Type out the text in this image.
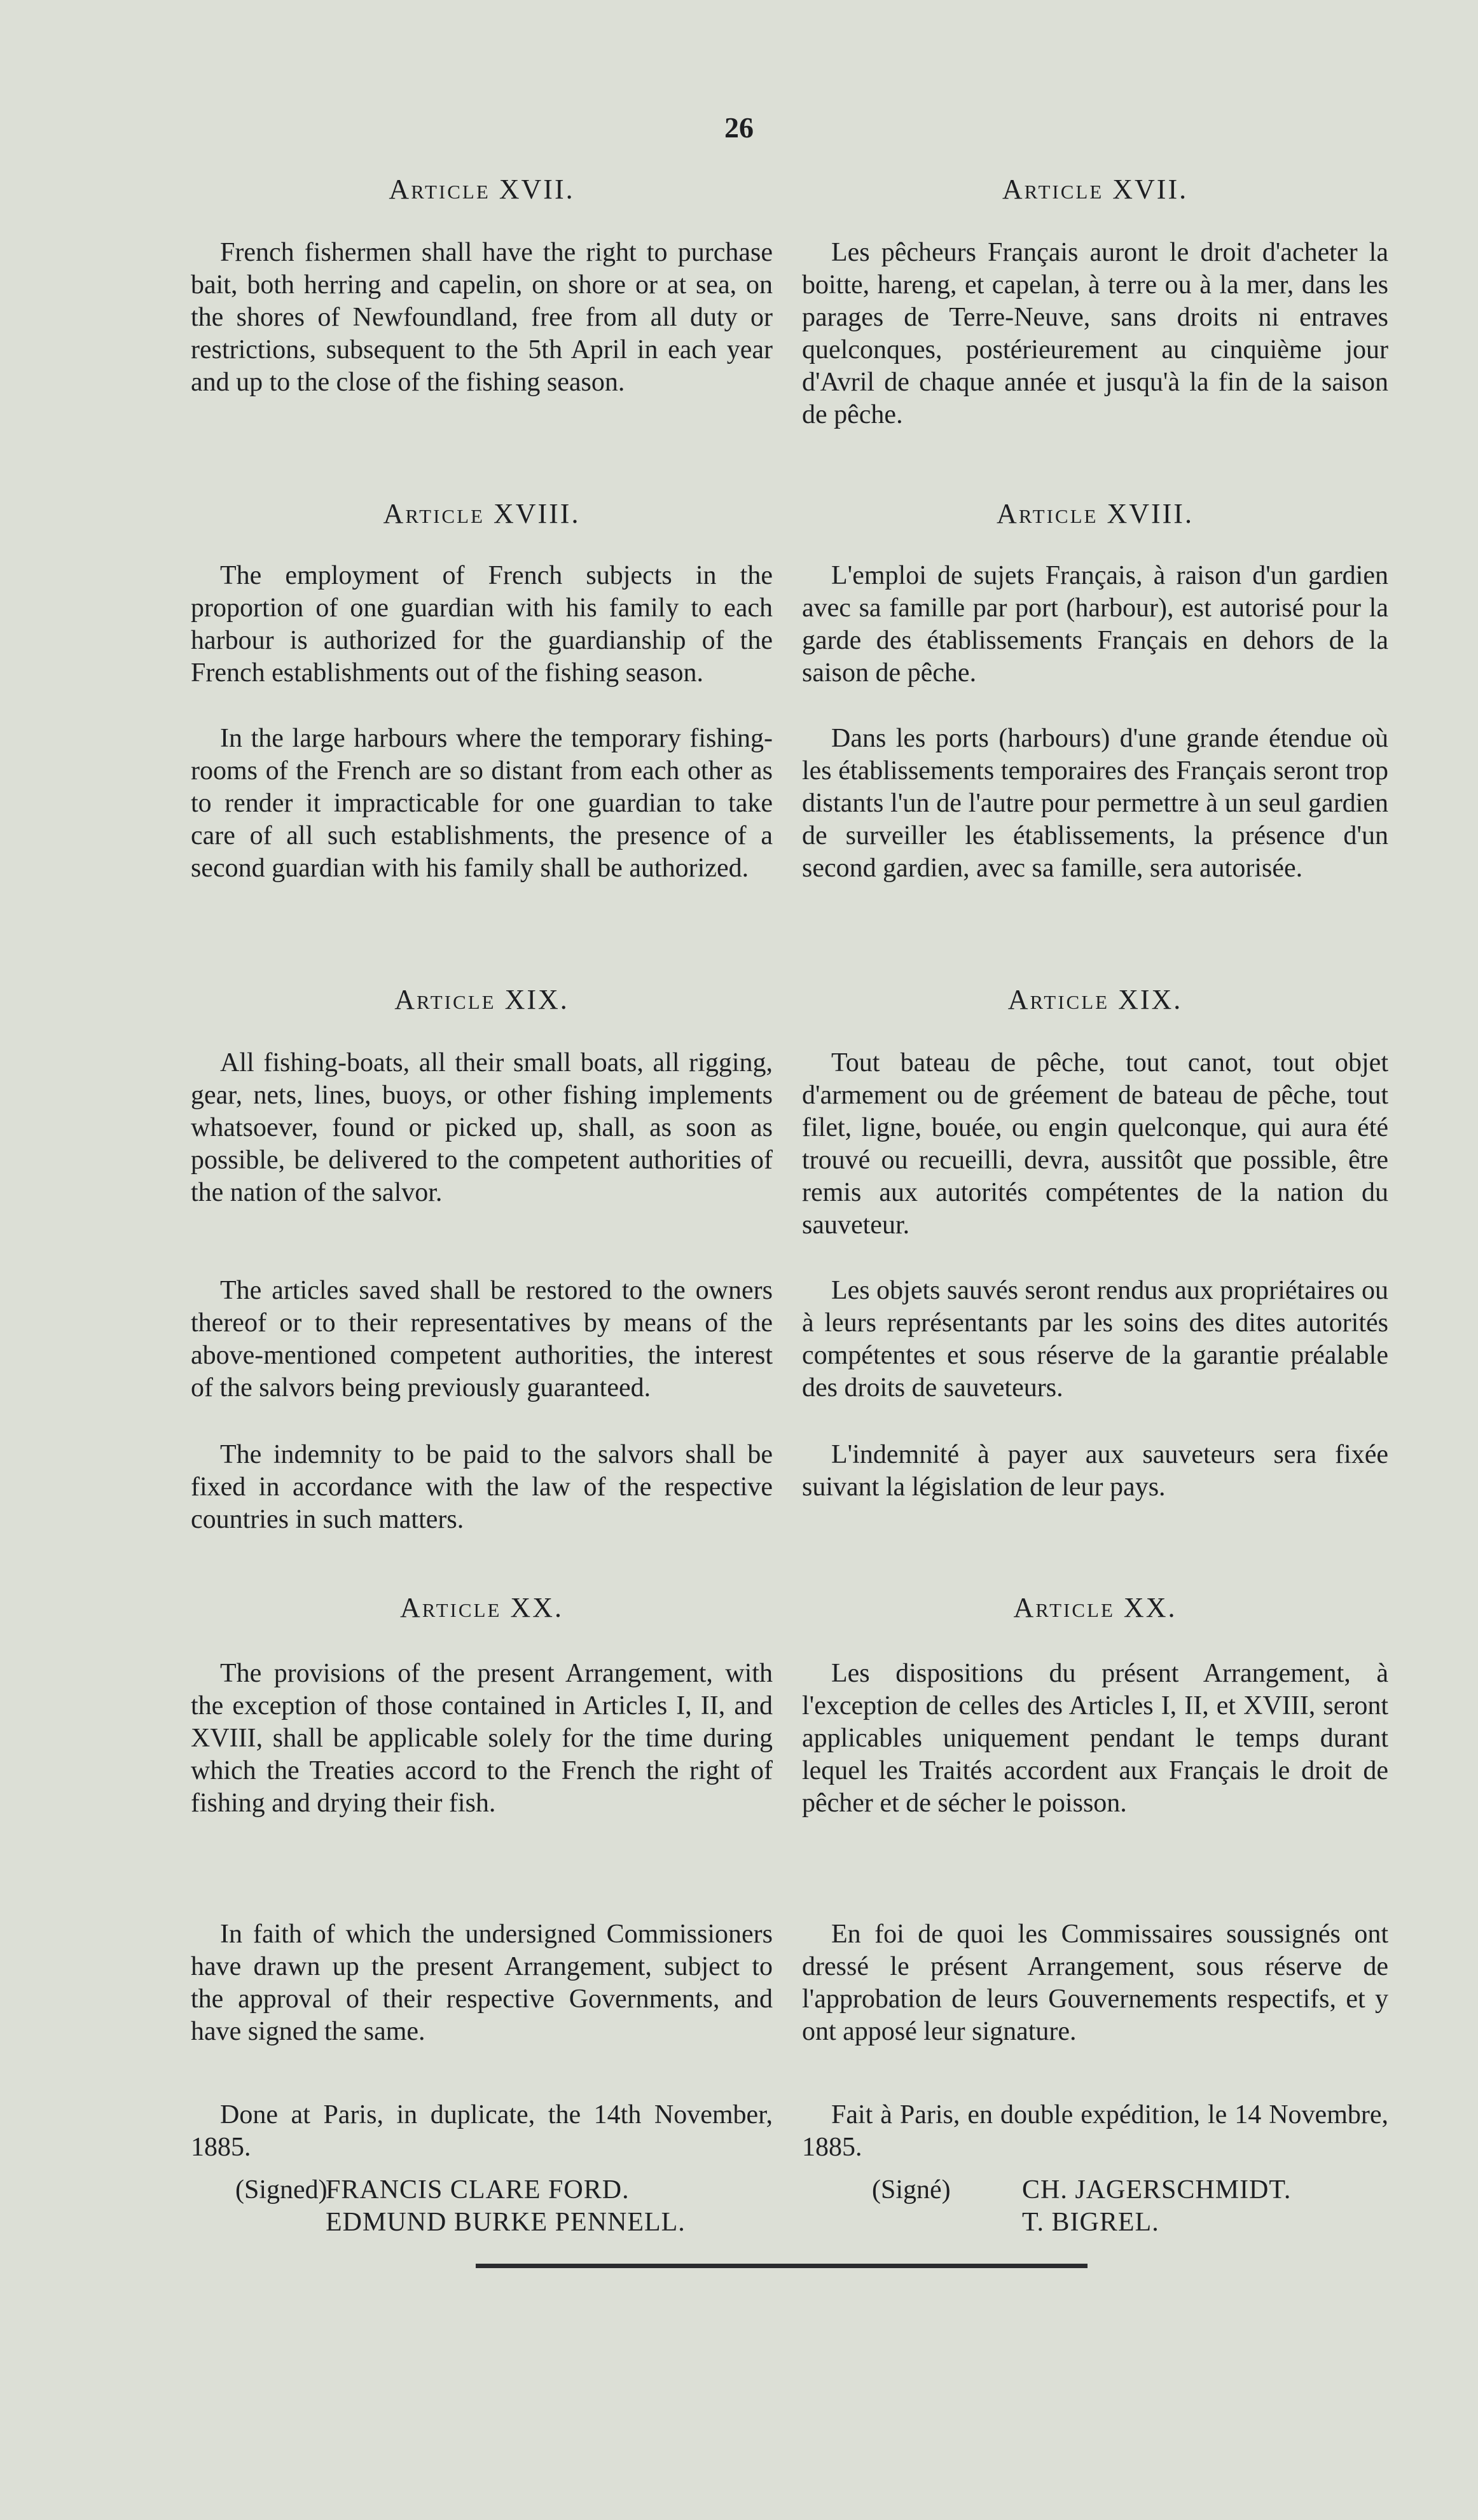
26
Article XVII.
French fishermen shall have the right to purchase bait, both herring and capelin, on shore or at sea, on the shores of Newfoundland, free from all duty or restrictions, subsequent to the 5th April in each year and up to the close of the fishing season.
Article XVIII.
The employment of French subjects in the proportion of one guardian with his family to each harbour is authorized for the guardianship of the French establishments out of the fishing season.
In the large harbours where the temporary fishing-rooms of the French are so distant from each other as to render it impracticable for one guardian to take care of all such establishments, the presence of a second guardian with his family shall be authorized.
Article XIX.
All fishing-boats, all their small boats, all rigging, gear, nets, lines, buoys, or other fishing implements whatsoever, found or picked up, shall, as soon as possible, be delivered to the competent authorities of the nation of the salvor.
The articles saved shall be restored to the owners thereof or to their representatives by means of the above-mentioned competent authorities, the interest of the salvors being previously guaranteed.
The indemnity to be paid to the salvors shall be fixed in accordance with the law of the respective countries in such matters.
Article XX.
The provisions of the present Arrangement, with the exception of those contained in Articles I, II, and XVIII, shall be applicable solely for the time during which the Treaties accord to the French the right of fishing and drying their fish.
In faith of which the undersigned Commissioners have drawn up the present Arrangement, subject to the approval of their respective Governments, and have signed the same.
Done at Paris, in duplicate, the 14th November, 1885.
(Signed)
FRANCIS CLARE FORD.
EDMUND BURKE PENNELL.
Article XVII.
Les pêcheurs Français auront le droit d'acheter la boitte, hareng, et capelan, à terre ou à la mer, dans les parages de Terre-Neuve, sans droits ni entraves quelconques, postérieurement au cinquième jour d'Avril de chaque année et jusqu'à la fin de la saison de pêche.
Article XVIII.
L'emploi de sujets Français, à raison d'un gardien avec sa famille par port (harbour), est autorisé pour la garde des établissements Français en dehors de la saison de pêche.
Dans les ports (harbours) d'une grande étendue où les établissements temporaires des Français seront trop distants l'un de l'autre pour permettre à un seul gardien de surveiller les établissements, la présence d'un second gardien, avec sa famille, sera autorisée.
Article XIX.
Tout bateau de pêche, tout canot, tout objet d'armement ou de gréement de bateau de pêche, tout filet, ligne, bouée, ou engin quelconque, qui aura été trouvé ou recueilli, devra, aussitôt que possible, être remis aux autorités compétentes de la nation du sauveteur.
Les objets sauvés seront rendus aux propriétaires ou à leurs représentants par les soins des dites autorités compétentes et sous réserve de la garantie préalable des droits de sauveteurs.
L'indemnité à payer aux sauveteurs sera fixée suivant la législation de leur pays.
Article XX.
Les dispositions du présent Arrangement, à l'exception de celles des Articles I, II, et XVIII, seront applicables uniquement pendant le temps durant lequel les Traités accordent aux Français le droit de pêcher et de sécher le poisson.
En foi de quoi les Commissaires soussignés ont dressé le présent Arrangement, sous réserve de l'approbation de leurs Gouvernements respectifs, et y ont apposé leur signature.
Fait à Paris, en double expédition, le 14 Novembre, 1885.
(Signé)	CH. JAGERSCHMIDT.
T. BIGREL.
